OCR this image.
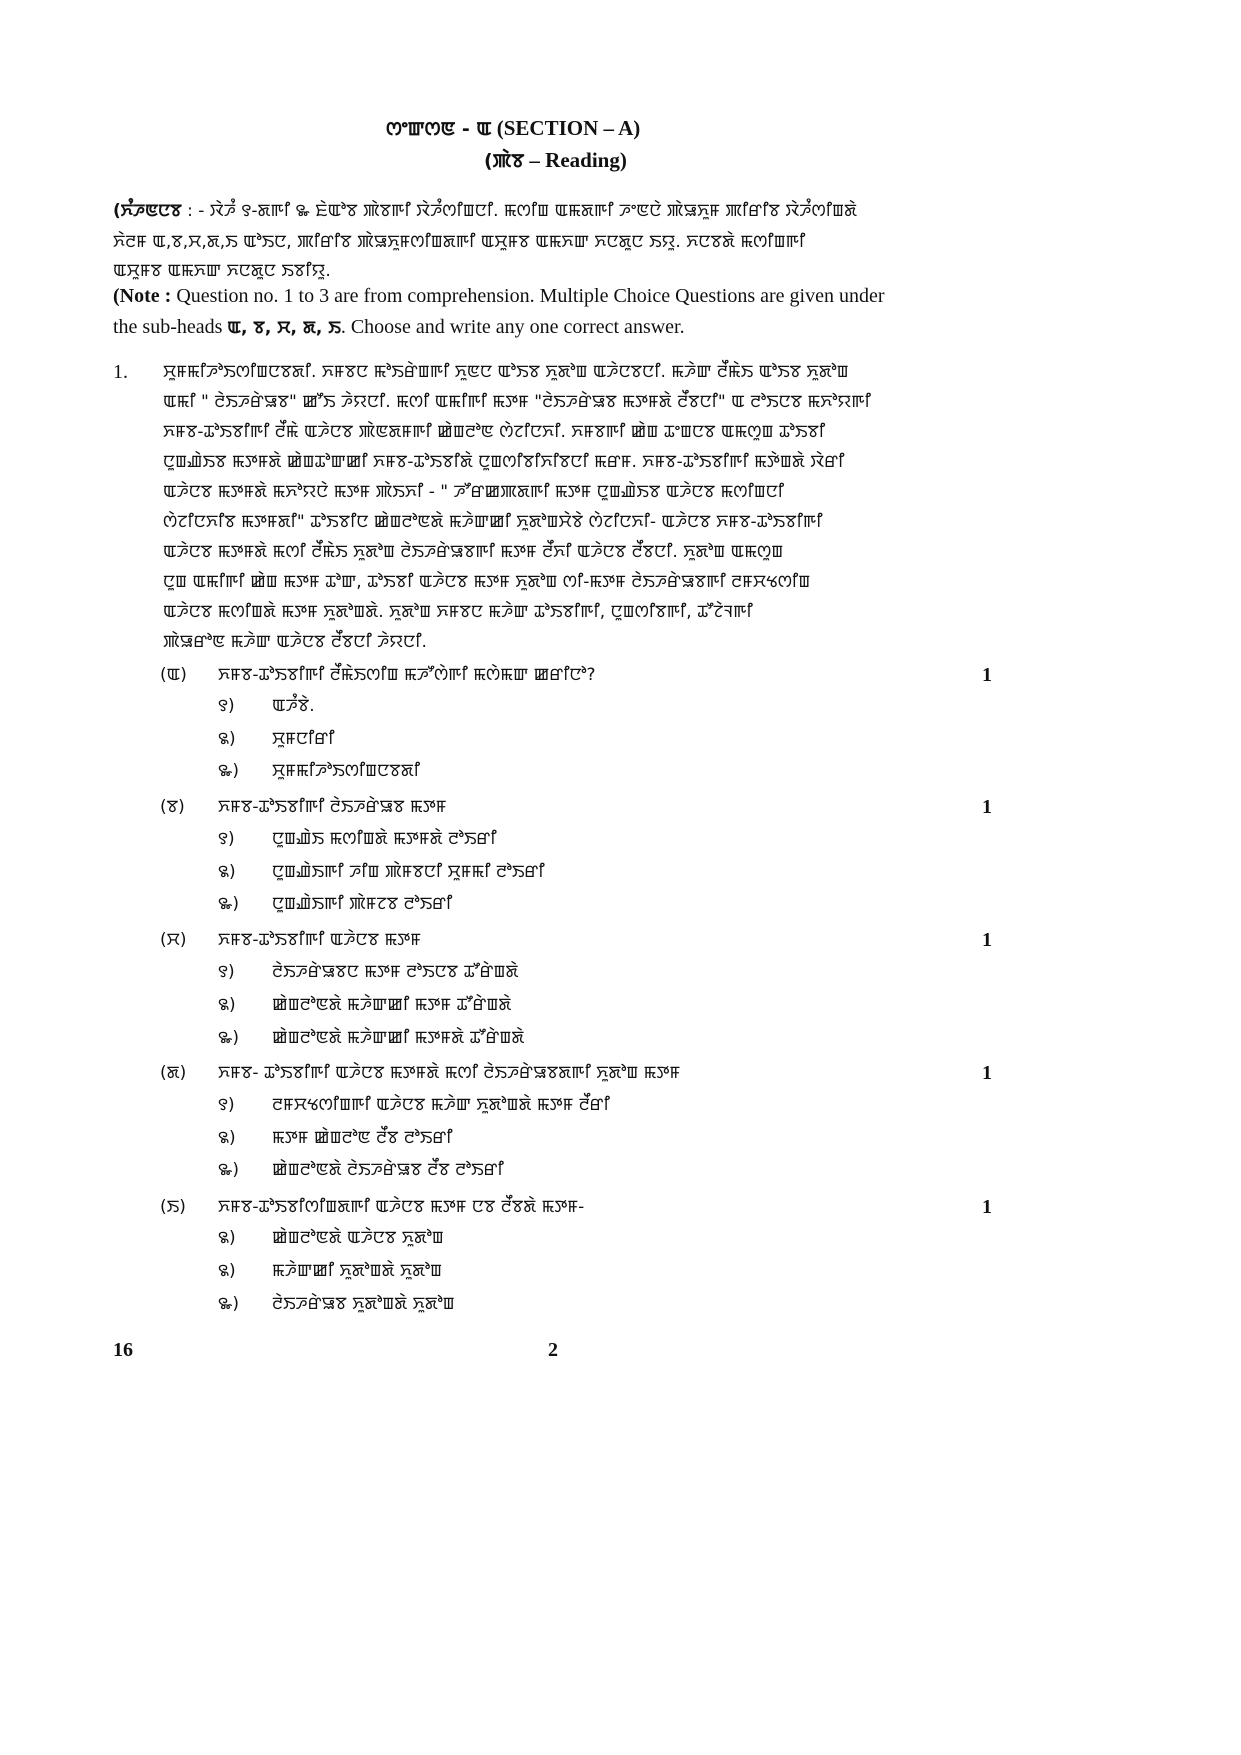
ꯁꯦꯛꯁꯟ - ꯑ (SECTION – A)
(ꯄꯥꯕ – Reading)
(ꯈꯪꯍꯟꯅꯕ : - ꯋꯥꯍꯪ ꯱-ꯗꯒꯤ ꯳ ꯐꯥꯑꯣꯕ ꯄꯥꯕꯒꯤ ꯋꯥꯍꯪꯁꯤꯡꯅꯤ. ꯃꯁꯤꯡ ꯑꯃꯗꯒꯤ ꯍꯦꯟꯅꯥ ꯄꯥꯎꯈꯨꯝ ꯄꯤꯔꯤꯕ ꯋꯥꯍꯪꯁꯤꯡꯗꯥ
ꯈꯥꯂꯝ ꯑ,ꯕ,ꯆ,ꯗ,ꯏ ꯑꯣꯏꯅ, ꯄꯤꯔꯤꯕ ꯄꯥꯎꯈꯨꯝꯁꯤꯡꯗꯒꯤ ꯑꯆꯨꯝꯕ ꯑꯃꯈꯛ ꯈꯅꯗꯨꯅ ꯏꯌꯨ. ꯈꯅꯕꯗꯥ ꯃꯁꯤꯡꯒꯤ
ꯑꯆꯨꯝꯕ ꯑꯃꯈꯛ ꯈꯅꯗꯨꯅ ꯏꯕꯤꯌꯨ.
(Note : Question no. 1 to 3 are from comprehension. Multiple Choice Questions are given under
the sub-heads ꯑ, ꯕ, ꯆ, ꯗ, ꯏ. Choose and write any one correct answer.
1.	ꯆꯨꯝꯃꯤꯍꯣꯏꯁꯤꯡꯅꯕꯗꯤ. ꯈꯝꯕꯅ ꯃꯣꯏꯔꯥꯡꯒꯤ ꯈꯨꯟꯅ ꯑꯣꯏꯕ ꯈꯨꯗꯣꯡ ꯑꯍꯥꯅꯕꯅꯤ. ꯃꯍꯥꯛ ꯂꯩꯃꯥꯏ ꯑꯣꯏꯕ ꯈꯨꯗꯣꯡ
ꯑꯃꯤ " ꯂꯥꯏꯍꯔꯥꯎꯕ" ꯀꯧꯏ ꯍꯥꯌꯅꯤ. ꯃꯁꯤ ꯑꯃꯤꯒꯤ ꯃꯇꯝ "ꯂꯥꯏꯍꯔꯥꯎꯕ ꯃꯇꯝꯗꯥ ꯂꯩꯕꯅꯤ" ꯑ ꯂꯣꯏꯅꯕ ꯃꯈꯣꯌꯒꯤ
ꯈꯝꯕ-ꯊꯣꯏꯕꯤꯒꯤ ꯂꯩꯃꯥ ꯑꯍꯥꯅꯕ ꯄꯥꯟꯗꯝꯒꯤ ꯀꯥꯡꯂꯣꯟ ꯁꯥꯖꯤꯅꯈꯤ. ꯈꯝꯕꯒꯤ ꯀꯥꯡ ꯊꯦꯡꯅꯕ ꯑꯃꯁꯨꯡ ꯊꯣꯏꯕꯤ
ꯅꯨꯡꯉꯥꯏꯕ ꯃꯇꯝꯗꯥ ꯀꯥꯡꯊꯣꯛꯀꯤ ꯈꯝꯕ-ꯊꯣꯏꯕꯤꯗꯥ ꯅꯨꯡꯁꯤꯕꯤꯈꯤꯕꯅꯤ ꯃꯔꯝ. ꯈꯝꯕ-ꯊꯣꯏꯕꯤꯒꯤ ꯃꯇꯥꯡꯗꯥ ꯋꯥꯔꯤ
ꯑꯍꯥꯅꯕ ꯃꯇꯝꯗꯥ ꯃꯈꯣꯌꯅꯥ ꯃꯇꯝ ꯄꯥꯏꯈꯤ - " ꯍꯧꯔꯀꯄꯗꯒꯤ ꯃꯇꯝ ꯅꯨꯡꯉꯥꯏꯕ ꯑꯍꯥꯅꯕ ꯃꯁꯤꯡꯅꯤ
ꯁꯥꯖꯤꯅꯈꯤꯕ ꯃꯇꯝꯗꯤ" ꯊꯣꯏꯕꯤꯅ ꯀꯥꯡꯂꯣꯟꯗꯥ ꯃꯍꯥꯛꯀꯤ ꯈꯨꯗꯣꯡꯆꯥꯕꯥ ꯁꯥꯖꯤꯅꯈꯤ- ꯑꯍꯥꯅꯕ ꯈꯝꯕ-ꯊꯣꯏꯕꯤꯒꯤ
ꯑꯍꯥꯅꯕ ꯃꯇꯝꯗꯥ ꯃꯁꯤ ꯂꯩꯃꯥꯏ ꯈꯨꯗꯣꯡ ꯂꯥꯏꯍꯔꯥꯎꯕꯒꯤ ꯃꯇꯝ ꯂꯩꯈꯤ ꯑꯍꯥꯅꯕ ꯂꯩꯕꯅꯤ. ꯈꯨꯗꯣꯡ ꯑꯃꯁꯨꯡ
ꯅꯨꯡ ꯑꯃꯤꯒꯤ ꯀꯥꯡ ꯃꯇꯝ ꯊꯣꯛ, ꯊꯣꯏꯕꯤ ꯑꯍꯥꯅꯕ ꯃꯇꯝ ꯈꯨꯗꯣꯡ ꯁꯤ-ꯃꯇꯝ ꯂꯥꯏꯍꯔꯥꯎꯕꯒꯤ ꯂꯝꯆꯠꯁꯤꯡ
ꯑꯍꯥꯅꯕ ꯃꯁꯤꯡꯗꯥ ꯃꯇꯝ ꯈꯨꯗꯣꯡꯗꯥ. ꯈꯨꯗꯣꯡ ꯈꯝꯕꯅ ꯃꯍꯥꯛ ꯊꯣꯏꯕꯤꯒꯤ, ꯅꯨꯡꯁꯤꯕꯒꯤ, ꯊꯧꯖꯥꯜꯒꯤ
ꯄꯥꯎꯔꯣꯟ ꯃꯍꯥꯛ ꯑꯍꯥꯅꯕ ꯂꯩꯕꯅꯤ ꯍꯥꯌꯅꯤ.
(ꯑ)	ꯈꯝꯕ-ꯊꯣꯏꯕꯤꯒꯤ ꯂꯩꯃꯥꯏꯁꯤꯡ ꯃꯍꯧꯁꯥꯒꯤ ꯃꯁꯥꯃꯛ ꯀꯔꯤꯅꯣ?	1
꯱)	ꯑꯍꯪꯕꯥ.
꯲)	ꯆꯨꯝꯅꯤꯔꯤ
꯳)	ꯆꯨꯝꯃꯤꯍꯣꯏꯁꯤꯡꯅꯕꯗꯤ
(ꯕ)	ꯈꯝꯕ-ꯊꯣꯏꯕꯤꯒꯤ ꯂꯥꯏꯍꯔꯥꯎꯕ ꯃꯇꯝ	1
꯱)	ꯅꯨꯡꯉꯥꯏ ꯃꯁꯤꯡꯗꯥ ꯃꯇꯝꯗꯥ ꯂꯣꯏꯔꯤ
꯲)	ꯅꯨꯡꯉꯥꯏꯒꯤ ꯍꯤꯡ ꯄꯥꯝꯕꯅꯤ ꯆꯨꯝꯃꯤ ꯂꯣꯏꯔꯤ
꯳)	ꯅꯨꯡꯉꯥꯏꯒꯤ ꯄꯥꯝꯖꯕ ꯂꯣꯏꯔꯤ
(ꯆ)	ꯈꯝꯕ-ꯊꯣꯏꯕꯤꯒꯤ ꯑꯍꯥꯅꯕ ꯃꯇꯝ	1
꯱)	ꯂꯥꯏꯍꯔꯥꯎꯕꯅ ꯃꯇꯝ ꯂꯣꯏꯅꯕ ꯊꯧꯔꯥꯡꯗꯥ
꯲)	ꯀꯥꯡꯂꯣꯟꯗꯥ ꯃꯍꯥꯛꯀꯤ ꯃꯇꯝ ꯊꯧꯔꯥꯡꯗꯥ
꯳)	ꯀꯥꯡꯂꯣꯟꯗꯥ ꯃꯍꯥꯛꯀꯤ ꯃꯇꯝꯗꯥ ꯊꯧꯔꯥꯡꯗꯥ
(ꯗ)	ꯈꯝꯕ- ꯊꯣꯏꯕꯤꯒꯤ ꯑꯍꯥꯅꯕ ꯃꯇꯝꯗꯥ ꯃꯁꯤ ꯂꯥꯏꯍꯔꯥꯎꯕꯗꯒꯤ ꯈꯨꯗꯣꯡ ꯃꯇꯝ	1
꯱)	ꯂꯝꯆꯠꯁꯤꯡꯒꯤ ꯑꯍꯥꯅꯕ ꯃꯍꯥꯛ ꯈꯨꯗꯣꯡꯗꯥ ꯃꯇꯝ ꯂꯩꯔꯤ
꯲)	ꯃꯇꯝ ꯀꯥꯡꯂꯣꯟ ꯂꯩꯕ ꯂꯣꯏꯔꯤ
꯳)	ꯀꯥꯡꯂꯣꯟꯗꯥ ꯂꯥꯏꯍꯔꯥꯎꯕ ꯂꯩꯕ ꯂꯣꯏꯔꯤ
(ꯏ)	ꯈꯝꯕ-ꯊꯣꯏꯕꯤꯁꯤꯡꯗꯒꯤ ꯑꯍꯥꯅꯕ ꯃꯇꯝ ꯅꯕ ꯂꯩꯕꯗꯥ ꯃꯇꯝ-	1
꯲)	ꯀꯥꯡꯂꯣꯟꯗꯥ ꯑꯍꯥꯅꯕ ꯈꯨꯗꯣꯡ
꯲)	ꯃꯍꯥꯛꯀꯤ ꯈꯨꯗꯣꯡꯗꯥ ꯈꯨꯗꯣꯡ
꯳)	ꯂꯥꯏꯍꯔꯥꯎꯕ ꯈꯨꯗꯣꯡꯗꯥ ꯈꯨꯗꯣꯡ
16	2
